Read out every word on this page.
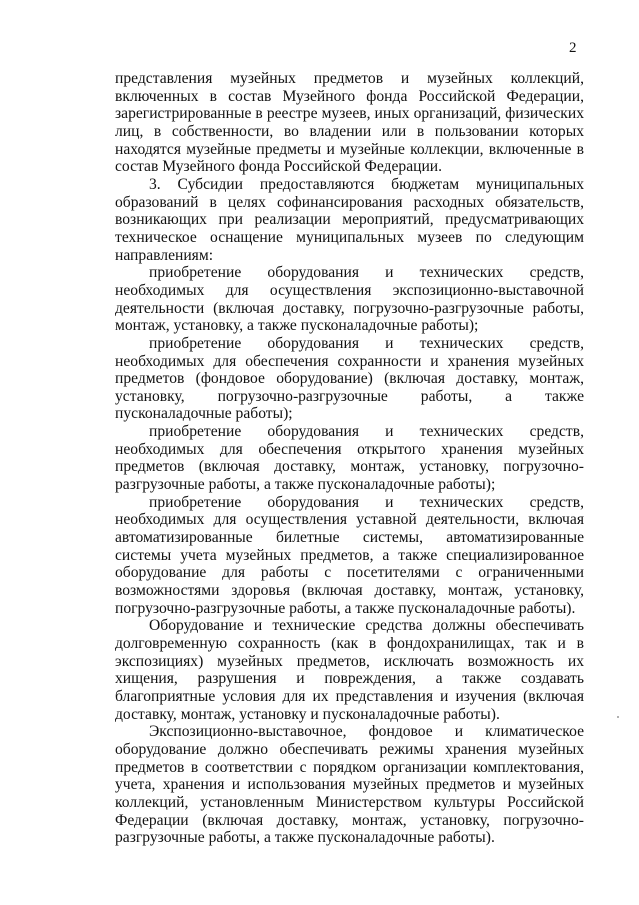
2

представления музейных предметов и музейных коллекций, включенных в состав Музейного фонда Российской Федерации, зарегистрированные в реестре музеев, иных организаций, физических лиц, в собственности, во владении или в пользовании которых находятся музейные предметы и музейные коллекции, включенные в состав Музейного фонда Российской Федерации.

3. Субсидии предоставляются бюджетам муниципальных образований в целях софинансирования расходных обязательств, возникающих при реализации мероприятий, предусматривающих техническое оснащение муниципальных музеев по следующим направлениям:

приобретение оборудования и технических средств, необходимых для осуществления экспозиционно-выставочной деятельности (включая доставку, погрузочно-разгрузочные работы, монтаж, установку, а также пусконаладочные работы);

приобретение оборудования и технических средств, необходимых для обеспечения сохранности и хранения музейных предметов (фондовое оборудование) (включая доставку, монтаж, установку, погрузочно-разгрузочные работы, а также пусконаладочные работы);

приобретение оборудования и технических средств, необходимых для обеспечения открытого хранения музейных предметов (включая доставку, монтаж, установку, погрузочно-разгрузочные работы, а также пусконаладочные работы);

приобретение оборудования и технических средств, необходимых для осуществления уставной деятельности, включая автоматизированные билетные системы, автоматизированные системы учета музейных предметов, а также специализированное оборудование для работы с посетителями с ограниченными возможностями здоровья (включая доставку, монтаж, установку, погрузочно-разгрузочные работы, а также пусконаладочные работы).

Оборудование и технические средства должны обеспечивать долговременную сохранность (как в фондохранилищах, так и в экспозициях) музейных предметов, исключать возможность их хищения, разрушения и повреждения, а также создавать благоприятные условия для их представления и изучения (включая доставку, монтаж, установку и пусконаладочные работы).

Экспозиционно-выставочное, фондовое и климатическое оборудование должно обеспечивать режимы хранения музейных предметов в соответствии с порядком организации комплектования, учета, хранения и использования музейных предметов и музейных коллекций, установленным Министерством культуры Российской Федерации (включая доставку, монтаж, установку, погрузочно-разгрузочные работы, а также пусконаладочные работы).
